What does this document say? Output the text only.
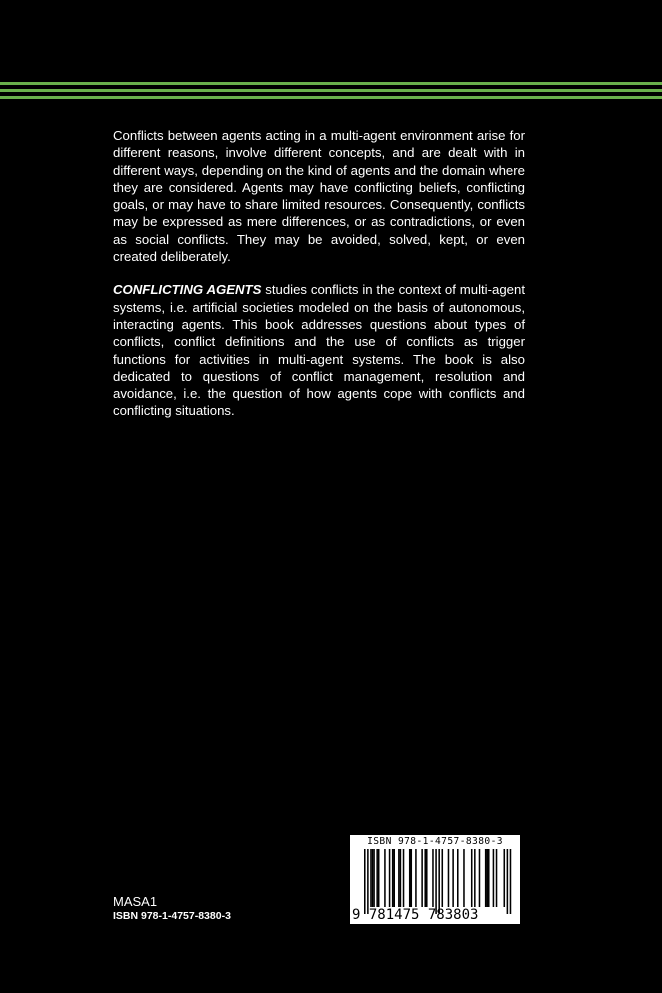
Conflicts between agents acting in a multi-agent environment arise for different reasons, involve different concepts, and are dealt with in different ways, depending on the kind of agents and the domain where they are considered. Agents may have conflicting beliefs, conflicting goals, or may have to share limited resources. Consequently, conflicts may be expressed as mere differences, or as contradictions, or even as social conflicts. They may be avoided, solved, kept, or even created deliberately.

CONFLICTING AGENTS studies conflicts in the context of multi-agent systems, i.e. artificial societies modeled on the basis of autonomous, interacting agents. This book addresses questions about types of conflicts, conflict definitions and the use of conflicts as trigger functions for activities in multi-agent systems. The book is also dedicated to questions of conflict management, resolution and avoidance, i.e. the question of how agents cope with conflicts and conflicting situations.

MASA1
ISBN 978-1-4757-8380-3
ISBN 978-1-4757-8380-3
9 781475 783803
